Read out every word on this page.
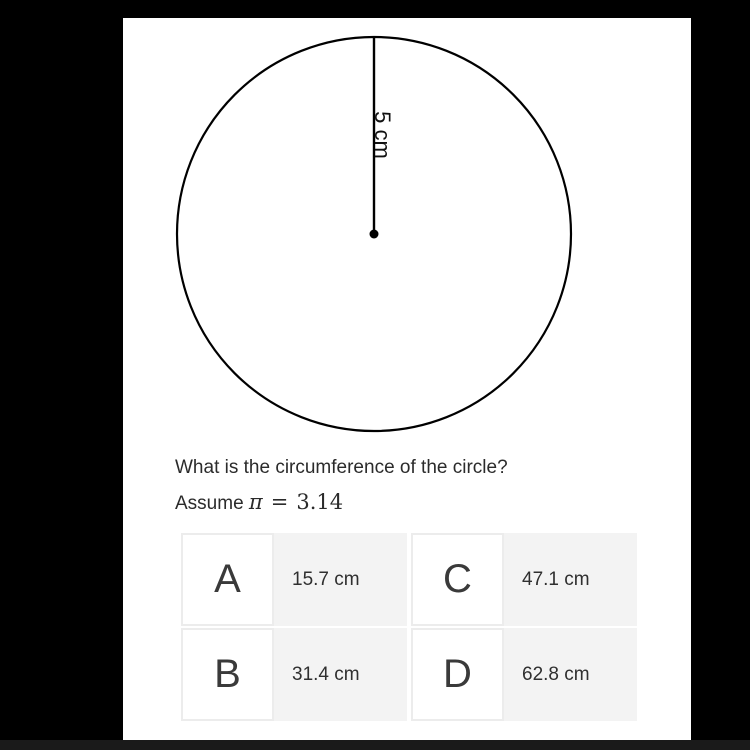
5 cm
What is the circumference of the circle?
Assume π = 3.14
A	15.7 cm	C	47.1 cm
B	31.4 cm	D	62.8 cm
